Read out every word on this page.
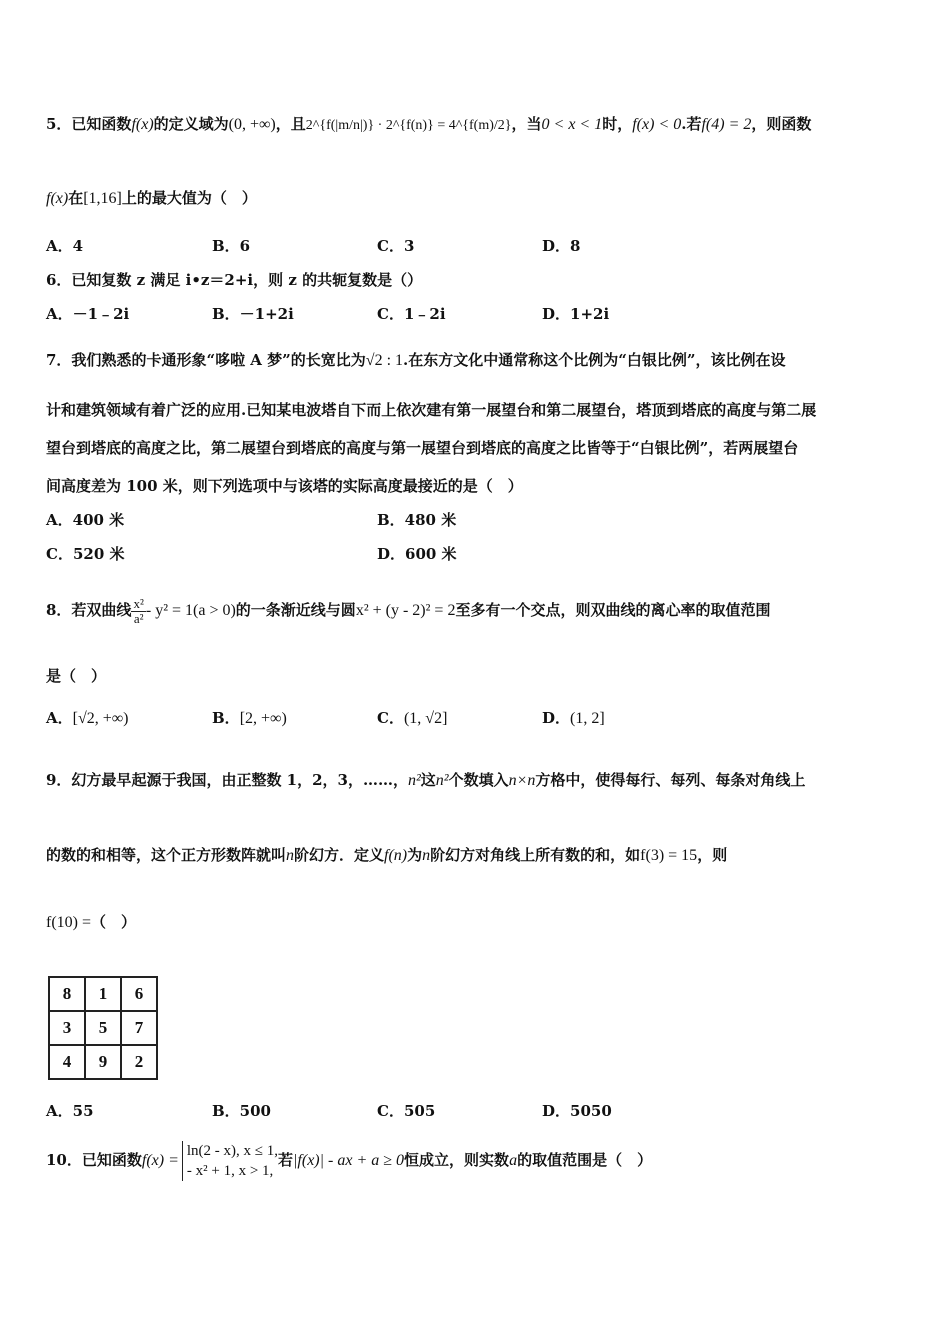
5．已知函数f(x)的定义域为(0, +∞)，且2^{f(|m/n|)} · 2^{f(n)} = 4^{f(m)/2}，当0 < x < 1时，f(x) < 0.若f(4) = 2，则函数
f(x)在[1,16]上的最大值为（　）
A．4	B．6	C．3	D．8
6．已知复数 z 满足 i•z＝2+i，则 z 的共轭复数是（）
A．－1﹣2i	B．－1+2i	C．1﹣2i	D．1+2i
7．我们熟悉的卡通形象“哆啦 A 梦”的长宽比为√2 : 1.在东方文化中通常称这个比例为“白银比例”，该比例在设
计和建筑领域有着广泛的应用.已知某电波塔自下而上依次建有第一展望台和第二展望台，塔顶到塔底的高度与第二展
望台到塔底的高度之比，第二展望台到塔底的高度与第一展望台到塔底的高度之比皆等于“白银比例”，若两展望台
间高度差为 100 米，则下列选项中与该塔的实际高度最接近的是（　）
A．400 米	B．480 米
C．520 米	D．600 米
8．若双曲线 $\frac{\text{x²}}{\text{a²}} - y^2 = 1(a > 0)$的一条渐近线与圆x² + (y - 2)² = 2至多有一个交点，则双曲线的离心率的取值范围
是（　）
A．[√2, +∞)	B．[2, +∞)	C．(1, √2]	D．(1, 2]
9．幻方最早起源于我国，由正整数 1，2，3，……，n²这n²个数填入n×n方格中，使得每行、每列、每条对角线上
的数的和相等，这个正方形数阵就叫n阶幻方．定义f(n)为n阶幻方对角线上所有数的和，如f(3) = 15，则
f(10) =（　）
8	1	6
3	5	7
4	9	2
A．55	B．500	C．505	D．5050
10．已知函数f(x) =
ln(2 - x), x ≤ 1,
- x² + 1, x > 1,
若|f(x)| - ax + a ≥ 0恒成立，则实数a的取值范围是（　）
